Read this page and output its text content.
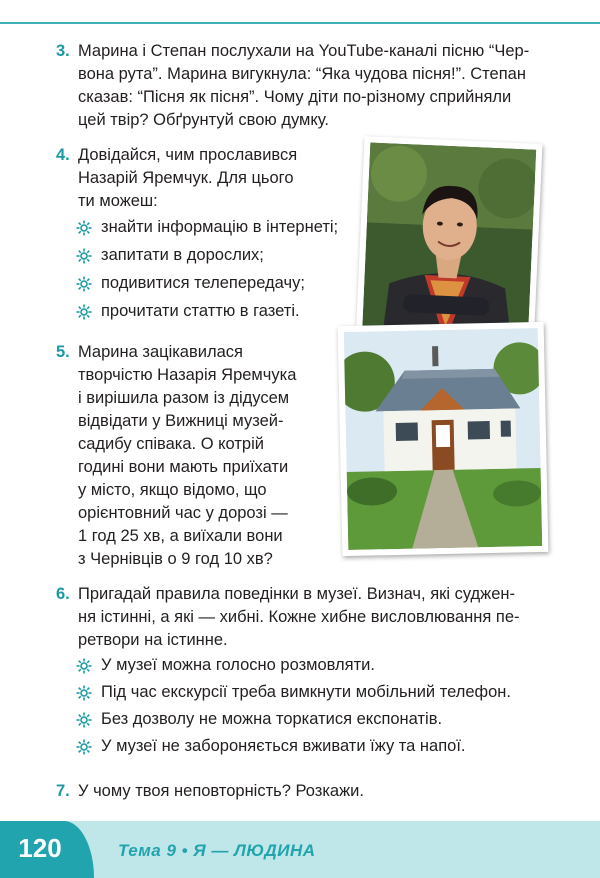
3. Марина і Степан послухали на YouTube-каналі пісню “Чер-
вона рута”. Марина вигукнула: “Яка чудова пісня!”. Степан
сказав: “Пісня як пісня”. Чому діти по-різному сприйняли
цей твір? Обґрунтуй свою думку.
4. Довідайся, чим прославився
Назарій Яремчук. Для цього
ти можеш:
знайти інформацію в інтернеті;
запитати в дорослих;
подивитися телепередачу;
прочитати статтю в газеті.
5. Марина зацікавилася
творчістю Назарія Яремчука
і вирішила разом із дідусем
відвідати у Вижниці музей-
садибу співака. О котрій
годині вони мають приїхати
у місто, якщо відомо, що
орієнтовний час у дорозі —
1 год 25 хв, а виїхали вони
з Чернівців о 9 год 10 хв?
6. Пригадай правила поведінки в музеї. Визнач, які суджен-
ня істинні, а які — хибні. Кожне хибне висловлювання пе-
ретвори на істинне.
У музеї можна голосно розмовляти.
Під час екскурсії треба вимкнути мобільний телефон.
Без дозволу не можна торкатися експонатів.
У музеї не забороняється вживати їжу та напої.
7. У чому твоя неповторність? Розкажи.
120	Тема 9 • Я — ЛЮДИНА
